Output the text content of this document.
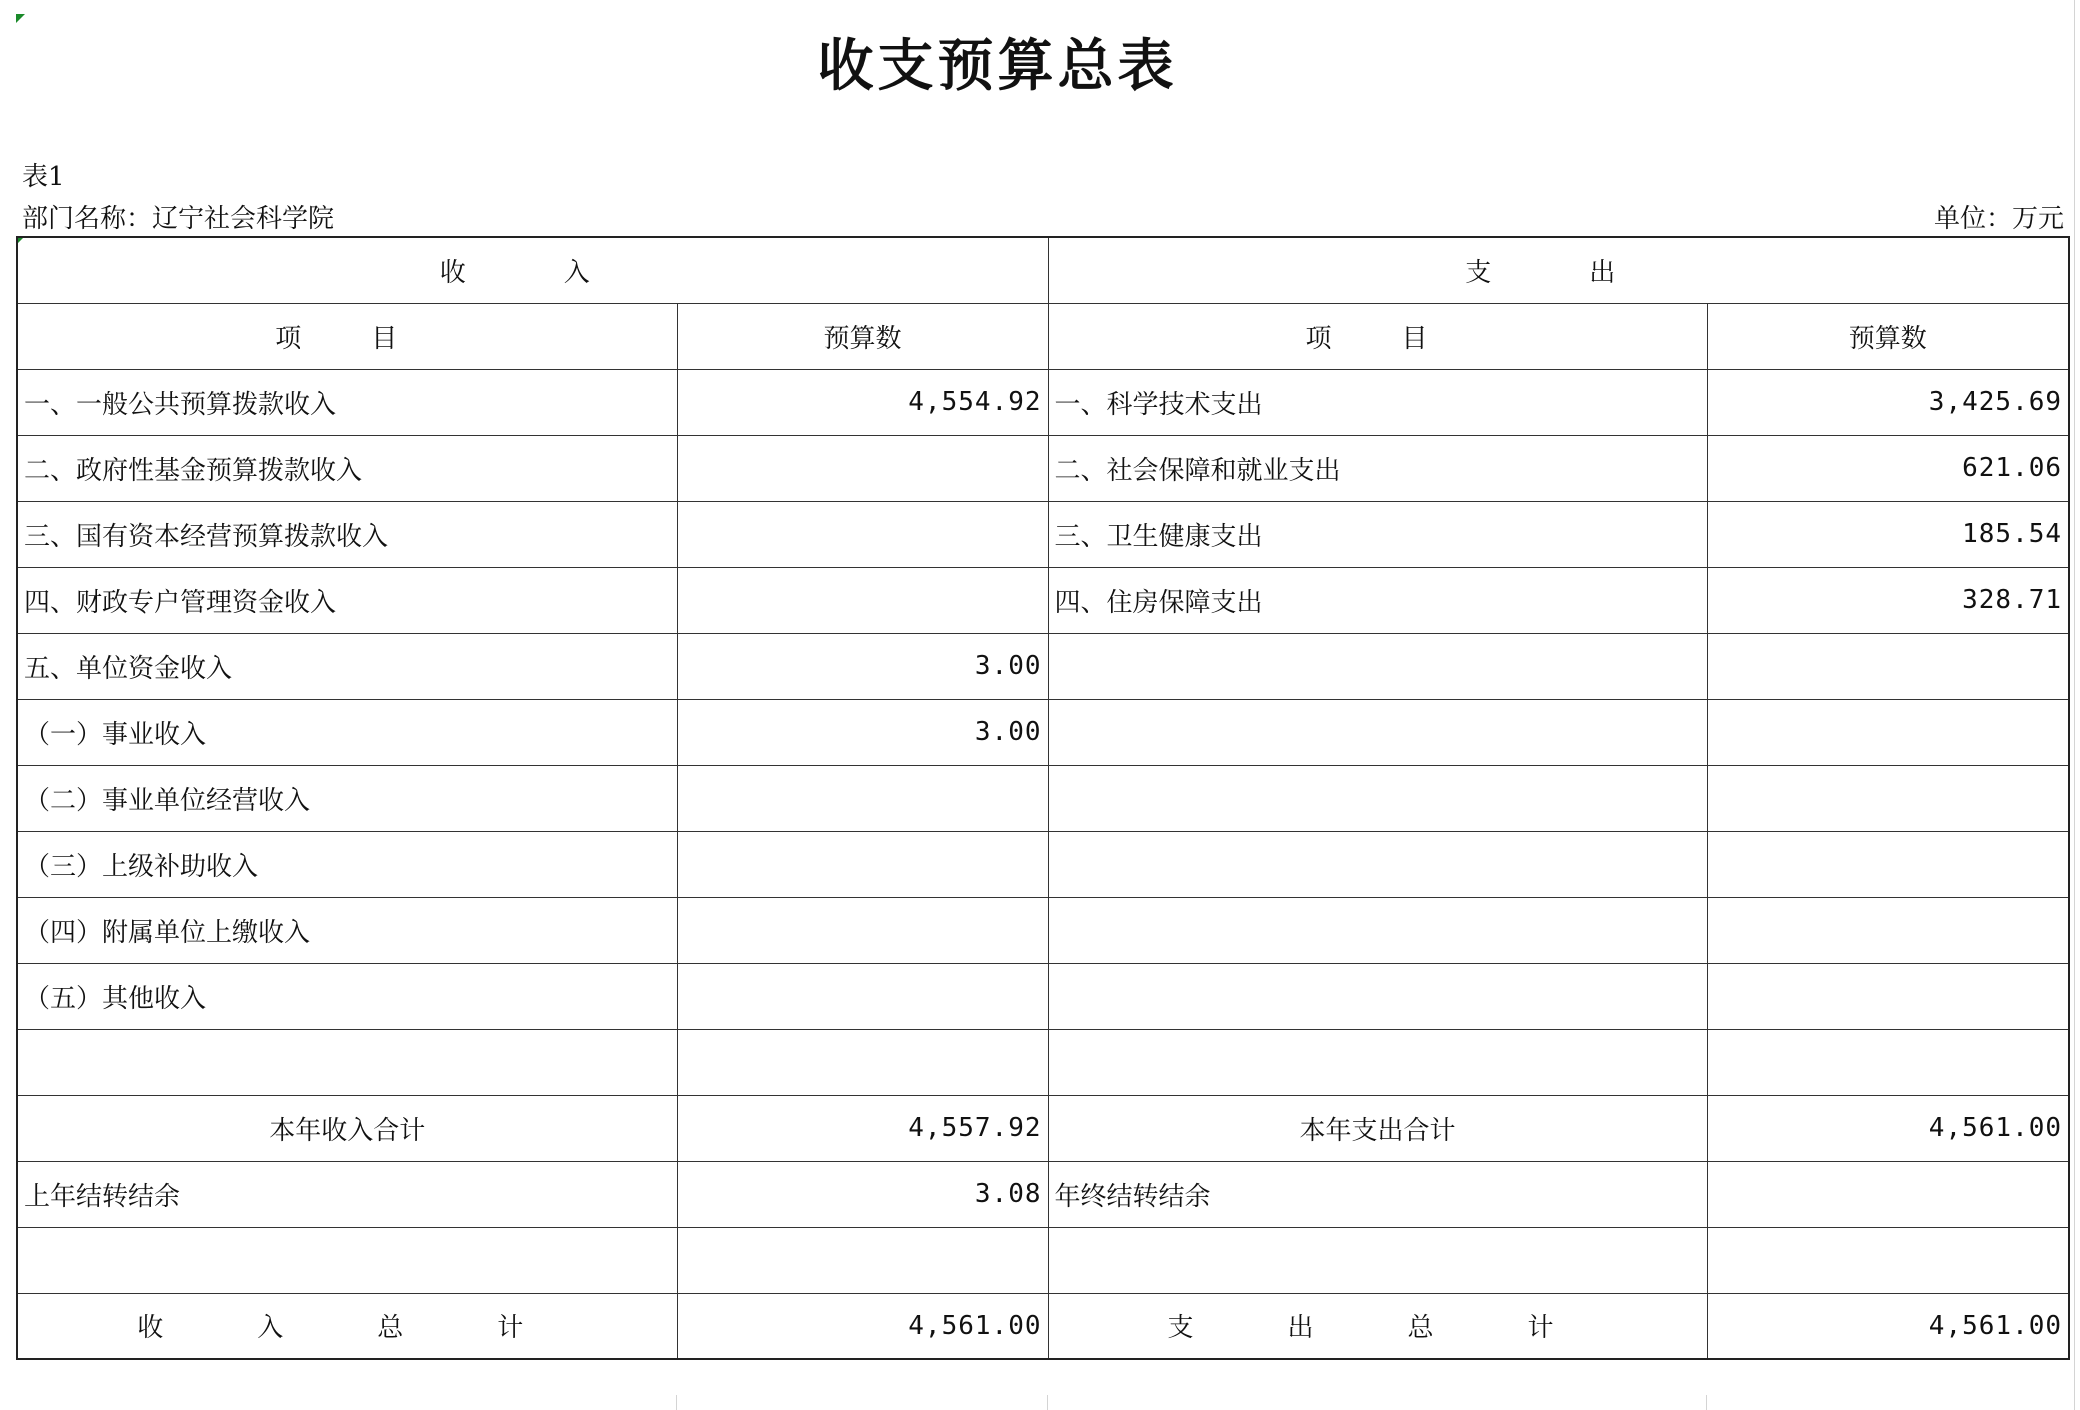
收支预算总表
表1
部门名称：辽宁社会科学院	单位：万元
收　入		支　出	
项　目	预算数	项　目	预算数
一、一般公共预算拨款收入	4,554.92	一、科学技术支出	3,425.69
二、政府性基金预算拨款收入		二、社会保障和就业支出	621.06
三、国有资本经营预算拨款收入		三、卫生健康支出	185.54
四、财政专户管理资金收入		四、住房保障支出	328.71
五、单位资金收入	3.00		
（一）事业收入	3.00		
（二）事业单位经营收入			
（三）上级补助收入			
（四）附属单位上缴收入			
（五）其他收入			

本年收入合计	4,557.92	本年支出合计	4,561.00
上年结转结余	3.08	年终结转结余	

收　入　总　计	4,561.00	支　出　总　计	4,561.00
